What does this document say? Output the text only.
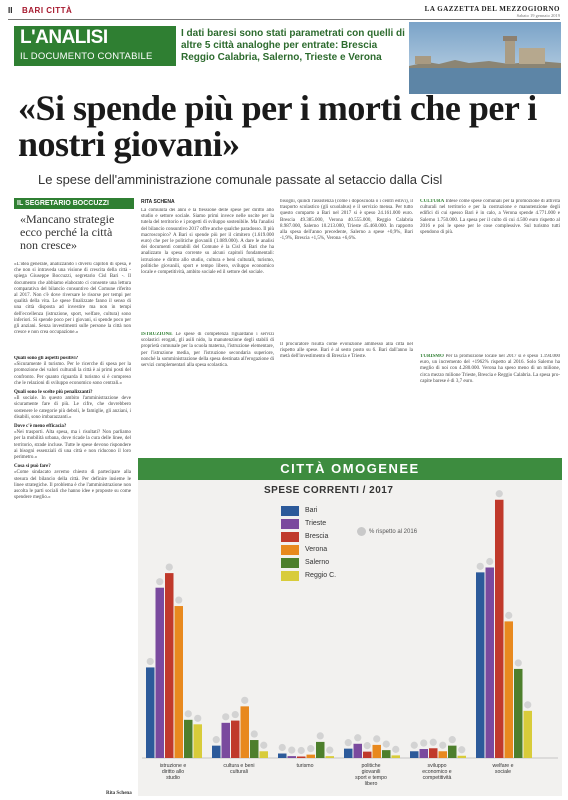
II BARI CITTÀ	LA GAZZETTA DEL MEZZOGIORNO
Sabato 19 gennaio 2019
L'ANALISI
IL DOCUMENTO CONTABILE
I dati baresi sono stati parametrati con quelli di altre 5 città analoghe per entrate: Brescia Reggio Calabria, Salerno, Trieste e Verona
«Si spende più per i morti che per i nostri giovani»
Le spese dell'amministrazione comunale passate al setaccio dalla Cisl
IL SEGRETARIO BOCCUZZI
«Mancano strategie ecco perché la città non cresce»
«L'idea generale, analizzando i diversi capitoli di spesa, è che non si intraveda una visione di crescita della città - spiega Giuseppe Boccuzzi, segretario Cisl Bari -. Il documento che abbiamo elaborato ci consente una lettura comparativa del bilancio consuntivo del Comune riferito al 2017. Non c'è dove riversare le risorse per tempi per qualità della vita. Le spese finalizzate fanno il senso di una città disposta ad investire ma non in tempi dell'eccellenza (istruzione, sport, welfare, cultura) sono inferiori. Si spende poco per i giovani, si spende poco per gli anziani. Senza investimenti sulle persone la città non cresce e non crea occupazione.»

Quali sono gli aspetti positivi?

«Sicuramente il turismo. Per le ricerche di spesa per la promozione dei valori culturali la città è ai primi posti del confronto. Per quanto riguarda il turismo si è compreso che le relazioni di sviluppo economico sono centrali.»

Quali sono le scelte più penalizzanti?

«Il sociale. In questo ambito l'amministrazione deve sicuramente fare di più. Le cifre, che dovrebbero sostenere le categorie più deboli, le famiglie, gli anziani, i disabili, sono imbarazzanti.»

Dove c'è meno efficacia?

«Nei trasporti. Alta spesa, ma i risultati? Non parliamo per la mobilità urbana, dove ricade la cura delle linee, del territorio, strade incluse. Tutte le spese devono rispondere ai bisogni essenziali di una città e non riducono il loro perimetro.»

Cosa si può fare?

«Come sindacato avremo chiesto di partecipare alla stesura del bilancio della città. Per definire insieme le linee strategiche. Il problema è che l'amministrazione non ascolta le parti sociali che hanno idee e proposte su come spendere meglio.»

Rita Schena
RITA SCHENA
La comunità dei anni è la flessione delle spese per diritto allo studio e settore sociale. Siamo primi invece nelle uscite per la tutela del territorio e i progetti di sviluppo sostenibile. Ma l'analisi del bilancio consuntivo 2017 offre anche qualche paradosso. Il più macroscopico? A Bari si spende più per il cimitero (1.619.000 euro) che per le politiche giovanili (1.089.000). A dare le analisi dei documenti contabili del Comune è la Cisl di Bari che ha analizzato la spesa corrente su alcuni capitoli fondamentali: istruzione e diritto allo studio, cultura e beni culturali, turismo, politiche giovanili, sport e tempo libero, sviluppo economico locale e competitività, ambito sociale ed il settore del sociale.
ISTRUZIONE Le spese di competenza riguardano i servizi scolastici erogati, gli asili nido, la manutenzione degli stabili di proprietà comunale per la scuola materna, l'istruzione elementare, per l'istruzione media, per l'istruzione secondaria superiore, nonché la somministrazione della spesa destinata all'erogazione di servizi complementari alla spesa scolastica.
bisogni, quindi l'assistenza (come i doposcuola o i centri estivi), il trasporto scolastico (gli scuolabus) e il servizio mensa. Per tutto questo comparto a Bari nel 2017 si è speso 24.161.000 euro. Brescia 49.385.000, Verona 40.555.000, Reggio Calabria 8.987.000, Salerno 10.213.000, Trieste 45.460.000. In rapporto alla spesa dell'anno precedente, Salerno a spese +0,9%, Bari -1,9%, Brescia +1,5%, Verona +6,6%.
Il procuratore risulta come evoluzione ammesso alla città nel rispetto alle spese. Bari è al sesto posto su 6. Bari dall'anno la metà dell'investimento di Brescia e Trieste.
CULTURA Intese come spese comunali per la promozione di attività culturali nel territorio e per la costruzione e manutenzione degli edifici di cui spesso Bari è in calo, a Verona spende 4.771.000 e Salerno 1.750.000. La spesa per il culto di cui 4.500 euro rispetto al 2016 e poi le spese per le cose complessive. Sul turismo tutti spendono di più.
TURISMO Per la promozione locale nel 2017 si è speso 1.194.000 euro, un incremento del +1962% rispetto al 2016. Solo Salerno ha meglio di noi con 4.280.000. Verona ha speso meno di un milione, circa mezzo milione Trieste, Brescia e Reggio Calabria. La spesa pro-capite barese è di 3,7 euro.
CITTÀ OMOGENEE
SPESE CORRENTI / 2017
Bari
Trieste
Brescia
Verona
Salerno
Reggio C.
% rispetto al 2016
istruzione e diritto allo studio
cultura e beni culturali
turismo	politiche giovanili sport e tempo libero
sviluppo economico e competitività
welfare e sociale
